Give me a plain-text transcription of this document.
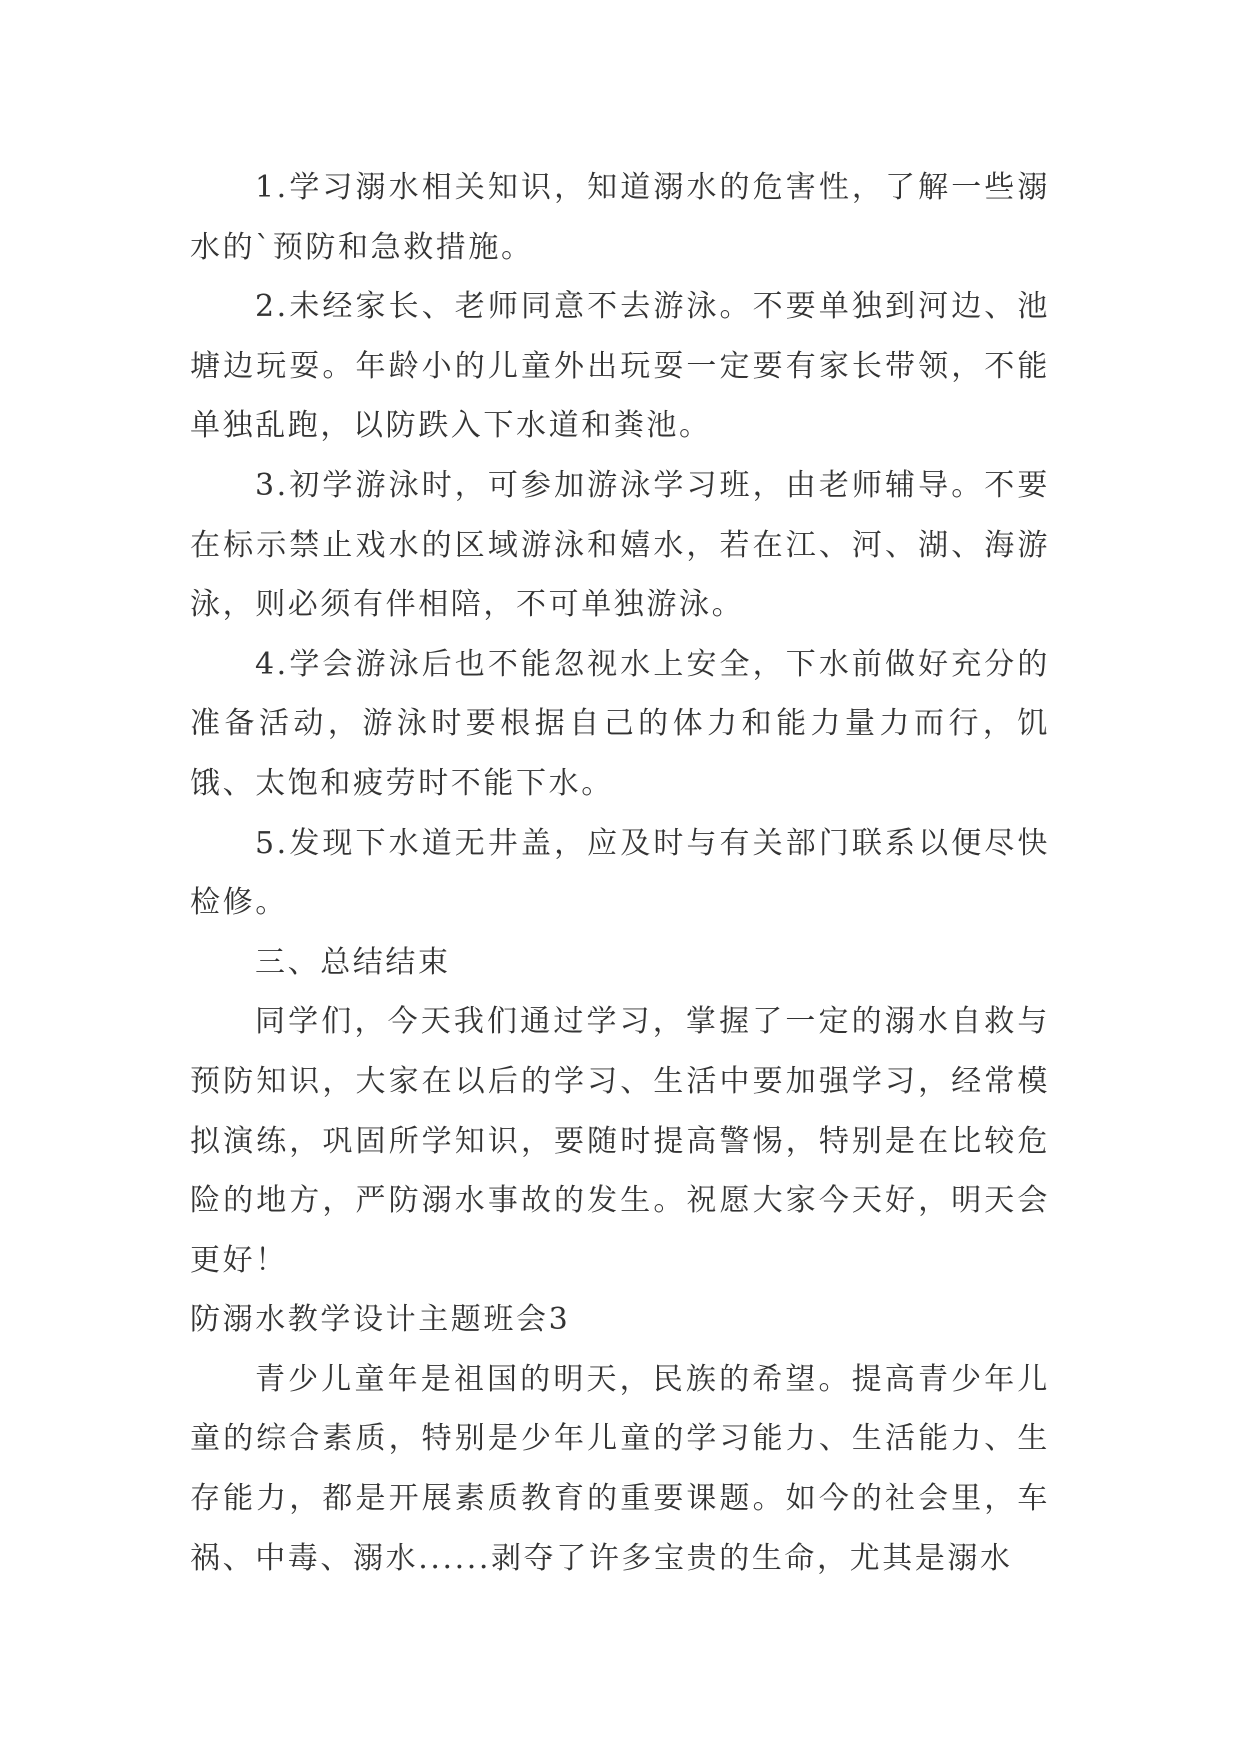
1.学习溺水相关知识，知道溺水的危害性，了解一些溺水的`预防和急救措施。

2.未经家长、老师同意不去游泳。不要单独到河边、池塘边玩耍。年龄小的儿童外出玩耍一定要有家长带领，不能单独乱跑，以防跌入下水道和粪池。

3.初学游泳时，可参加游泳学习班，由老师辅导。不要在标示禁止戏水的区域游泳和嬉水，若在江、河、湖、海游泳，则必须有伴相陪，不可单独游泳。

4.学会游泳后也不能忽视水上安全，下水前做好充分的准备活动，游泳时要根据自己的体力和能力量力而行，饥饿、太饱和疲劳时不能下水。

5.发现下水道无井盖，应及时与有关部门联系以便尽快检修。

三、总结结束

同学们，今天我们通过学习，掌握了一定的溺水自救与预防知识，大家在以后的学习、生活中要加强学习，经常模拟演练，巩固所学知识，要随时提高警惕，特别是在比较危险的地方，严防溺水事故的发生。祝愿大家今天好，明天会更好！

防溺水教学设计主题班会3

青少儿童年是祖国的明天，民族的希望。提高青少年儿童的综合素质，特别是少年儿童的学习能力、生活能力、生存能力，都是开展素质教育的重要课题。如今的社会里，车祸、中毒、溺水......剥夺了许多宝贵的生命，尤其是溺水
